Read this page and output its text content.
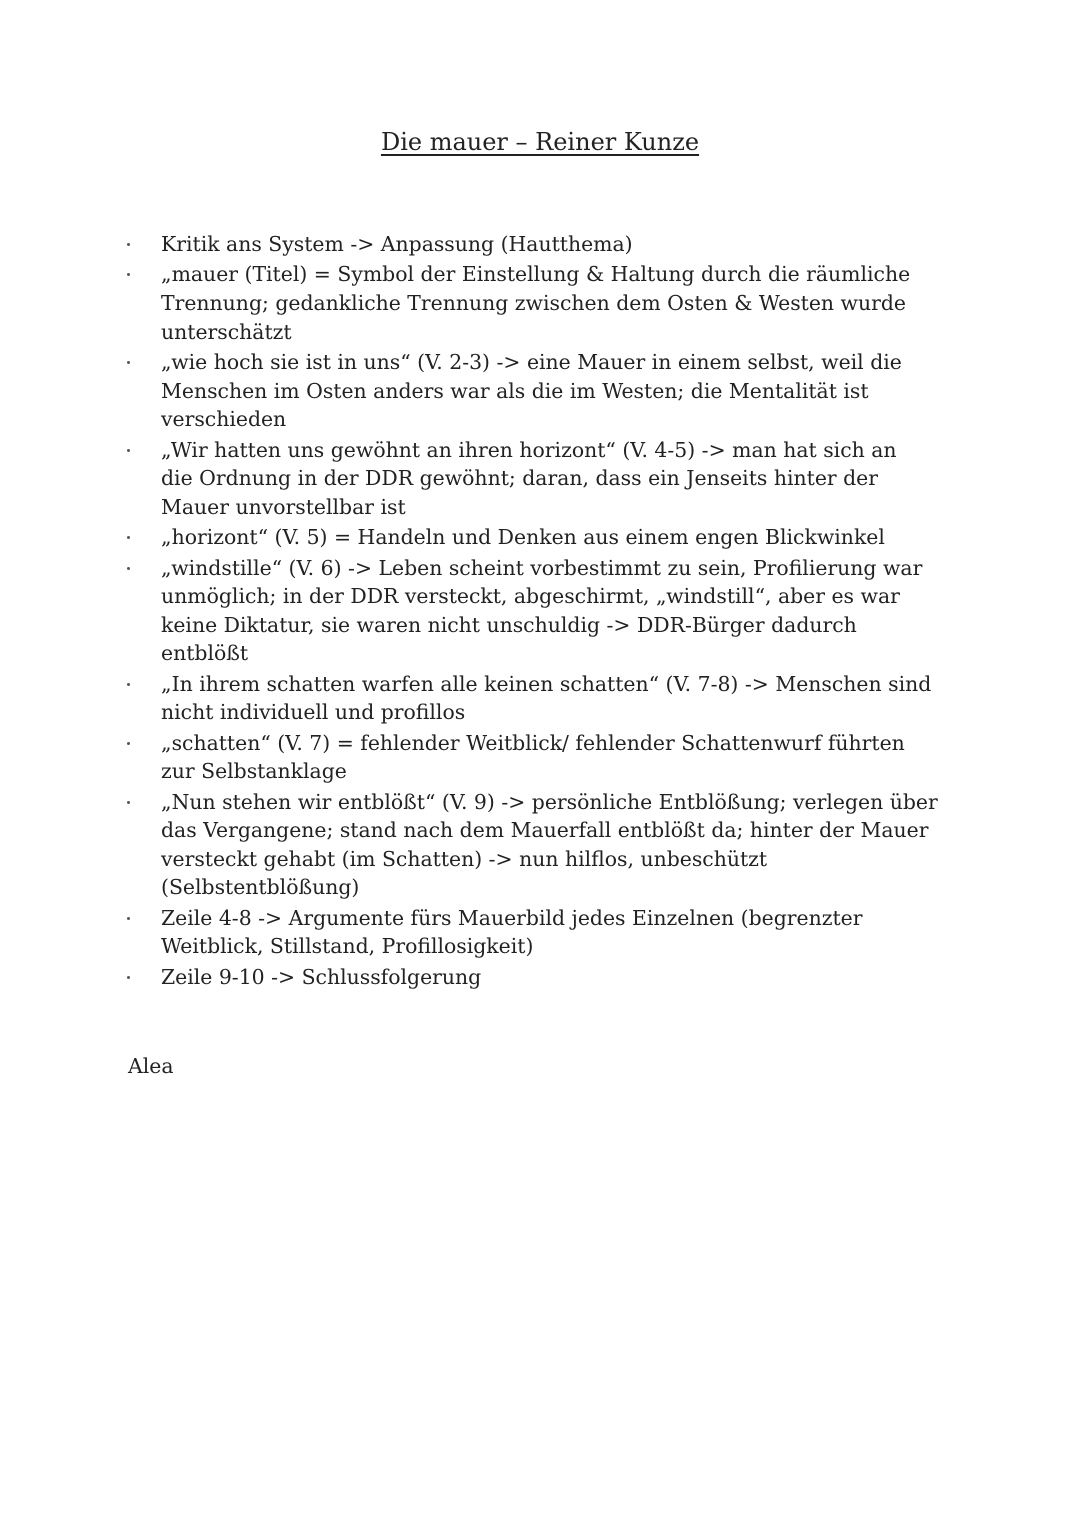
Die mauer – Reiner Kunze
Kritik ans System -> Anpassung (Hautthema)
„mauer (Titel) = Symbol der Einstellung & Haltung durch die räumliche
Trennung; gedankliche Trennung zwischen dem Osten & Westen wurde
unterschätzt
„wie hoch sie ist in uns“ (V. 2-3) -> eine Mauer in einem selbst, weil die
Menschen im Osten anders war als die im Westen; die Mentalität ist
verschieden
„Wir hatten uns gewöhnt an ihren horizont“ (V. 4-5) -> man hat sich an
die Ordnung in der DDR gewöhnt; daran, dass ein Jenseits hinter der
Mauer unvorstellbar ist
„horizont“ (V. 5) = Handeln und Denken aus einem engen Blickwinkel
„windstille“ (V. 6) -> Leben scheint vorbestimmt zu sein, Profilierung war
unmöglich; in der DDR versteckt, abgeschirmt, „windstill“, aber es war
keine Diktatur, sie waren nicht unschuldig -> DDR-Bürger dadurch
entblößt
„In ihrem schatten warfen alle keinen schatten“ (V. 7-8) -> Menschen sind
nicht individuell und profillos
„schatten“ (V. 7) = fehlender Weitblick/ fehlender Schattenwurf führten
zur Selbstanklage
„Nun stehen wir entblößt“ (V. 9) -> persönliche Entblößung; verlegen über
das Vergangene; stand nach dem Mauerfall entblößt da; hinter der Mauer
versteckt gehabt (im Schatten) -> nun hilflos, unbeschützt
(Selbstentblößung)
Zeile 4-8 -> Argumente fürs Mauerbild jedes Einzelnen (begrenzter
Weitblick, Stillstand, Profillosigkeit)
Zeile 9-10 -> Schlussfolgerung

Alea
